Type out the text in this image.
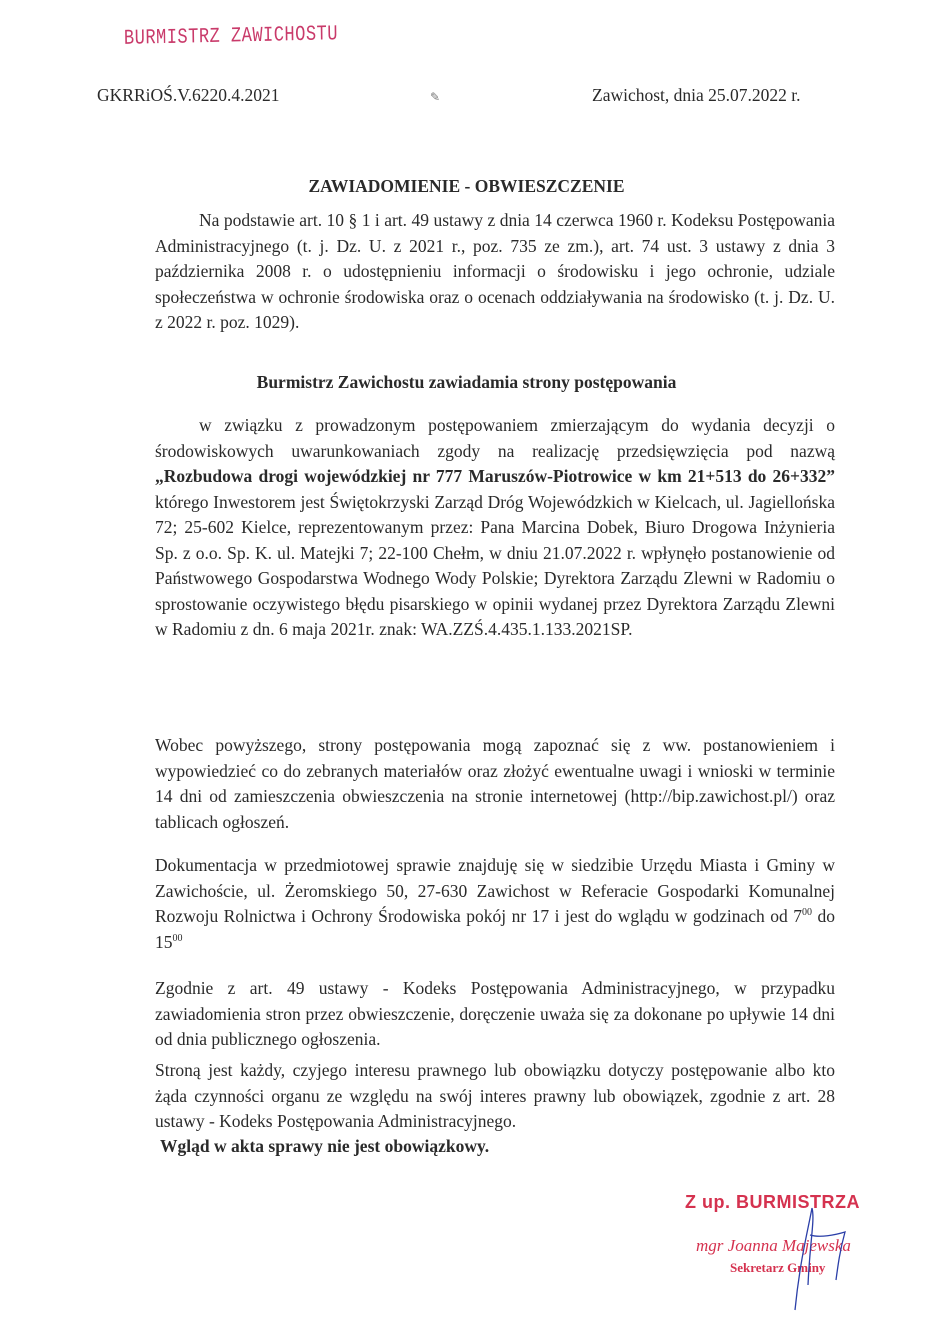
BURMISTRZ ZAWICHOSTU
GKRRiOŚ.V.6220.4.2021	✎	Zawichost, dnia 25.07.2022 r.
ZAWIADOMIENIE - OBWIESZCZENIE
Na podstawie art. 10 § 1 i art. 49 ustawy z dnia 14 czerwca 1960 r. Kodeksu Postępowania Administracyjnego (t. j. Dz. U. z 2021 r., poz. 735 ze zm.), art. 74 ust. 3 ustawy z dnia 3 października 2008 r. o udostępnieniu informacji o środowisku i jego ochronie, udziale społeczeństwa w ochronie środowiska oraz o ocenach oddziaływania na środowisko (t. j. Dz. U. z 2022 r. poz. 1029).
Burmistrz Zawichostu zawiadamia strony postępowania
w związku z prowadzonym postępowaniem zmierzającym do wydania decyzji o środowiskowych uwarunkowaniach zgody na realizację przedsięwzięcia pod nazwą „Rozbudowa drogi wojewódzkiej nr 777 Maruszów-Piotrowice w km 21+513 do 26+332” którego Inwestorem jest Świętokrzyski Zarząd Dróg Wojewódzkich w Kielcach, ul. Jagiellońska 72; 25-602 Kielce, reprezentowanym przez: Pana Marcina Dobek, Biuro Drogowa Inżynieria Sp. z o.o. Sp. K. ul. Matejki 7; 22-100 Chełm, w dniu 21.07.2022 r. wpłynęło postanowienie od Państwowego Gospodarstwa Wodnego Wody Polskie; Dyrektora Zarządu Zlewni w Radomiu o sprostowanie oczywistego błędu pisarskiego w opinii wydanej przez Dyrektora Zarządu Zlewni w Radomiu z dn. 6 maja 2021r. znak: WA.ZZŚ.4.435.1.133.2021SP.
Wobec powyższego, strony postępowania mogą zapoznać się z ww. postanowieniem i wypowiedzieć co do zebranych materiałów oraz złożyć ewentualne uwagi i wnioski w terminie 14 dni od zamieszczenia obwieszczenia na stronie internetowej (http://bip.zawichost.pl/) oraz tablicach ogłoszeń.
Dokumentacja w przedmiotowej sprawie znajduję się w siedzibie Urzędu Miasta i Gminy w Zawichoście, ul. Żeromskiego 50, 27-630 Zawichost w Referacie Gospodarki Komunalnej Rozwoju Rolnictwa i Ochrony Środowiska pokój nr 17 i jest do wglądu w godzinach od $7^{00}$ do $15^{00}$
Zgodnie z art. 49 ustawy - Kodeks Postępowania Administracyjnego, w przypadku zawiadomienia stron przez obwieszczenie, doręczenie uważa się za dokonane po upływie 14 dni od dnia publicznego ogłoszenia.
Stroną jest każdy, czyjego interesu prawnego lub obowiązku dotyczy postępowanie albo kto żąda czynności organu ze względu na swój interes prawny lub obowiązek, zgodnie z art. 28 ustawy - Kodeks Postępowania Administracyjnego.
Wgląd w akta sprawy nie jest obowiązkowy.
Z up. BURMISTRZA
mgr Joanna Majewska
Sekretarz Gminy
